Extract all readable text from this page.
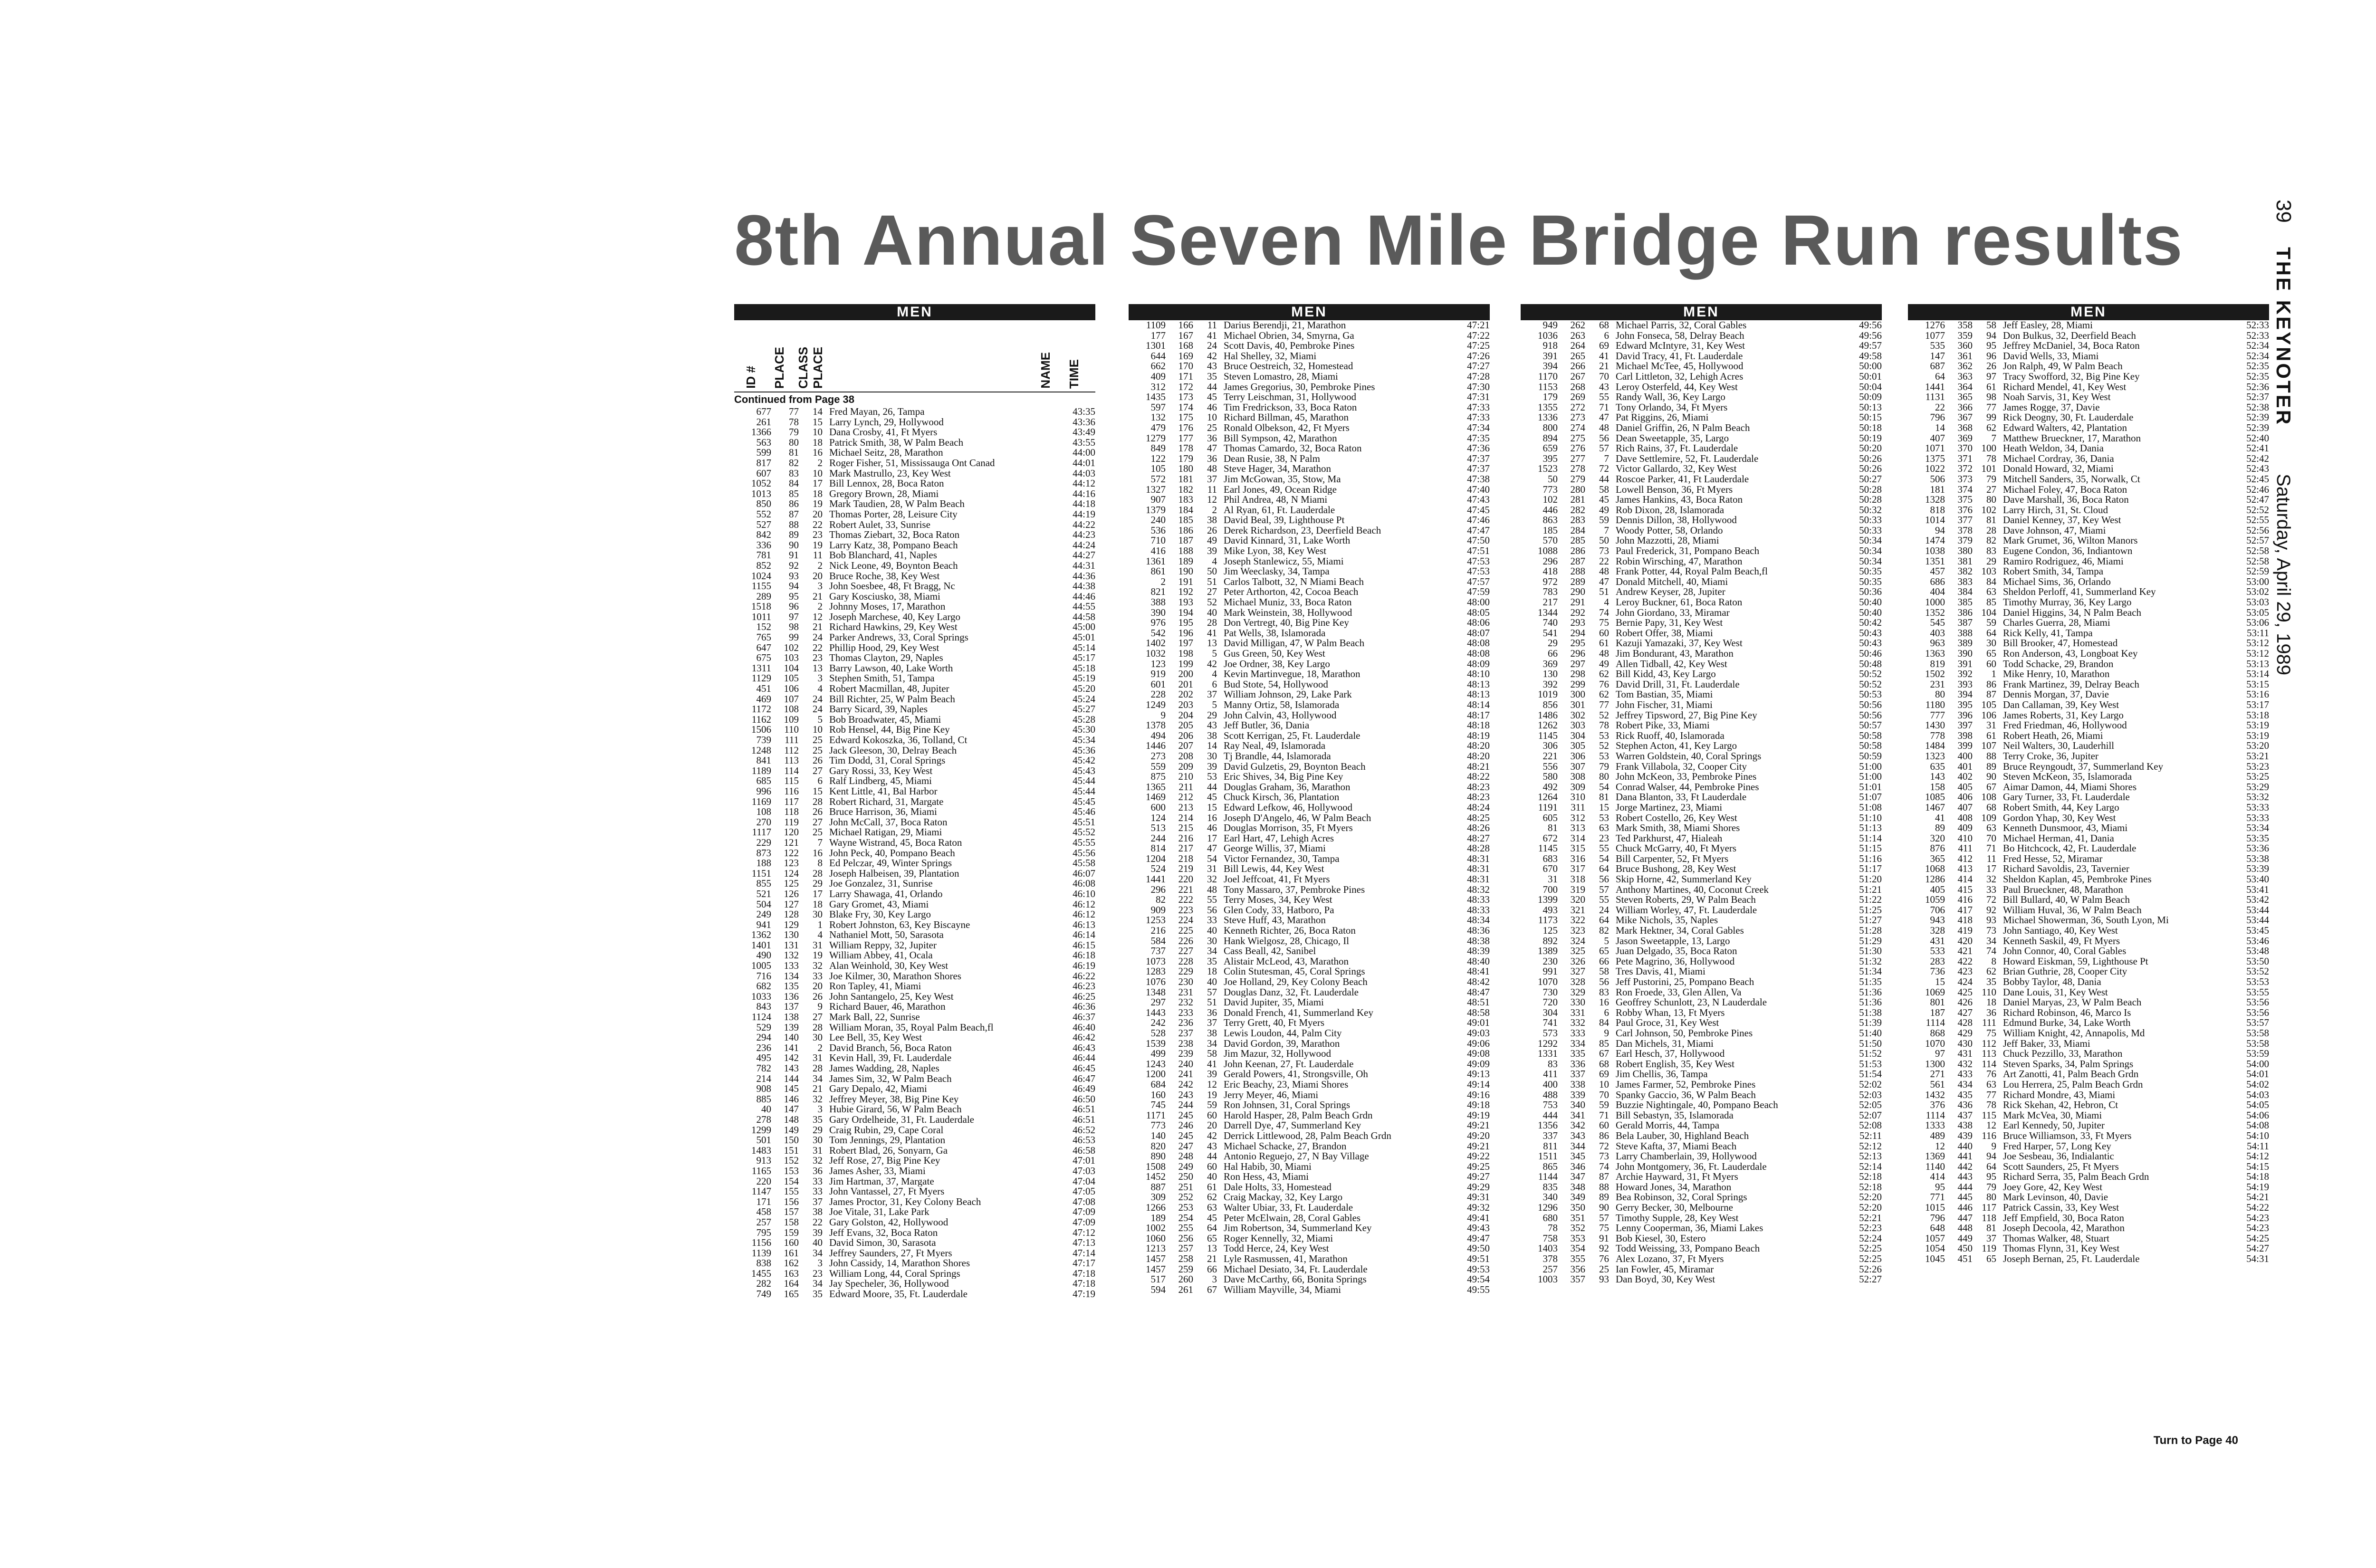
8th Annual Seven Mile Bridge Run results	39 THE KEYNOTER Saturday, April 29, 1989
MEN
ID # PLACE CLASS PLACE	NAME TIME
Continued from Page 38
677	77	14 Fred Mayan, 26, Tampa	43:35
261	78	15 Larry Lynch, 29, Hollywood	43:36
1366	79	10 Dana Crosby, 41, Ft Myers	43:49
563	80	18 Patrick Smith, 38, W Palm Beach	43:55
599	81	16 Michael Seitz, 28, Marathon	44:00
817	82	2 Roger Fisher, 51, Mississauga Ont Canad	44:01
607	83	10 Mark Mastrullo, 23, Key West	44:03
1052	84	17 Bill Lennox, 28, Boca Raton	44:12
1013	85	18 Gregory Brown, 28, Miami	44:16
850	86	19 Mark Taudien, 28, W Palm Beach	44:18
552	87	20 Thomas Porter, 28, Leisure City	44:19
527	88	22 Robert Aulet, 33, Sunrise	44:22
842	89	23 Thomas Ziebart, 32, Boca Raton	44:23
336	90	19 Larry Katz, 38, Pompano Beach	44:24
781	91	11 Bob Blanchard, 41, Naples	44:27
852	92	2 Nick Leone, 49, Boynton Beach	44:31
1024	93	20 Bruce Roche, 38, Key West	44:36
1155	94	3 John Soesbee, 48, Ft Bragg, Nc	44:38
289	95	21 Gary Kosciusko, 38, Miami	44:46
1518	96	2 Johnny Moses, 17, Marathon	44:55
1011	97	12 Joseph Marchese, 40, Key Largo	44:58
152	98	21 Richard Hawkins, 29, Key West	45:00
765	99	24 Parker Andrews, 33, Coral Springs	45:01
647	102	22 Phillip Hood, 29, Key West	45:14
675	103	23 Thomas Clayton, 29, Naples	45:17
1311	104	13 Barry Lawson, 40, Lake Worth	45:18
1129	105	3 Stephen Smith, 51, Tampa	45:19
451	106	4 Robert Macmillan, 48, Jupiter	45:20
469	107	24 Bill Richter, 25, W Palm Beach	45:24
1172	108	24 Barry Sicard, 39, Naples	45:27
1162	109	5 Bob Broadwater, 45, Miami	45:28
1506	110	10 Rob Hensel, 44, Big Pine Key	45:30
739	111	25 Edward Kokoszka, 36, Tolland, Ct	45:34
1248	112	25 Jack Gleeson, 30, Delray Beach	45:36
841	113	26 Tim Dodd, 31, Coral Springs	45:42
1189	114	27 Gary Rossi, 33, Key West	45:43
685	115	6 Ralf Lindberg, 45, Miami	45:44
996	116	15 Kent Little, 41, Bal Harbor	45:44
1169	117	28 Robert Richard, 31, Margate	45:45
108	118	26 Bruce Harrison, 36, Miami	45:46
270	119	27 John McCall, 37, Boca Raton	45:51
1117	120	25 Michael Ratigan, 29, Miami	45:52
229	121	7 Wayne Wistrand, 45, Boca Raton	45:55
873	122	16 John Peck, 40, Pompano Beach	45:56
188	123	8 Ed Pelczar, 49, Winter Springs	45:58
1151	124	28 Joseph Halbeisen, 39, Plantation	46:07
855	125	29 Joe Gonzalez, 31, Sunrise	46:08
521	126	17 Larry Shawaga, 41, Orlando	46:10
504	127	18 Gary Gromet, 43, Miami	46:12
249	128	30 Blake Fry, 30, Key Largo	46:12
941	129	1 Robert Johnston, 63, Key Biscayne	46:13
1362	130	4 Nathaniel Mott, 50, Sarasota	46:14
1401	131	31 William Reppy, 32, Jupiter	46:15
490	132	19 William Abbey, 41, Ocala	46:18
1005	133	32 Alan Weinhold, 30, Key West	46:19
716	134	33 Joe Kilmer, 30, Marathon Shores	46:22
682	135	20 Ron Tapley, 41, Miami	46:23
1033	136	26 John Santangelo, 25, Key West	46:25
843	137	9 Richard Bauer, 46, Marathon	46:36
1124	138	27 Mark Ball, 22, Sunrise	46:37
529	139	28 William Moran, 35, Royal Palm Beach,fl	46:40
294	140	30 Lee Bell, 35, Key West	46:42
236	141	2 David Branch, 56, Boca Raton	46:43
495	142	31 Kevin Hall, 39, Ft. Lauderdale	46:44
782	143	28 James Wadding, 28, Naples	46:45
214	144	34 James Sim, 32, W Palm Beach	46:47
908	145	21 Gary Depalo, 42, Miami	46:49
885	146	32 Jeffrey Meyer, 38, Big Pine Key	46:50
40	147	3 Hubie Girard, 56, W Palm Beach	46:51
278	148	35 Gary Ordelheide, 31, Ft. Lauderdale	46:51
1299	149	29 Craig Rubin, 29, Cape Coral	46:52
501	150	30 Tom Jennings, 29, Plantation	46:53
1483	151	31 Robert Blad, 26, Sonyarn, Ga	46:58
913	152	32 Jeff Rose, 27, Big Pine Key	47:01
1165	153	36 James Asher, 33, Miami	47:03
220	154	33 Jim Hartman, 37, Margate	47:04
1147	155	33 John Vantassel, 27, Ft Myers	47:05
171	156	37 James Proctor, 31, Key Colony Beach	47:08
458	157	38 Joe Vitale, 31, Lake Park	47:09
257	158	22 Gary Golston, 42, Hollywood	47:09
795	159	39 Jeff Evans, 32, Boca Raton	47:12
1156	160	40 David Simon, 30, Sarasota	47:13
1139	161	34 Jeffrey Saunders, 27, Ft Myers	47:14
838	162	3 John Cassidy, 14, Marathon Shores	47:17
1455	163	23 William Long, 44, Coral Springs	47:18
282	164	34 Jay Specheler, 36, Hollywood	47:18
749	165	35 Edward Moore, 35, Ft. Lauderdale	47:19
MEN
1109	166	11 Darius Berendji, 21, Marathon	47:21
177	167	41 Michael Obrien, 34, Smyrna, Ga	47:22
1301	168	24 Scott Davis, 40, Pembroke Pines	47:25
644	169	42 Hal Shelley, 32, Miami	47:26
662	170	43 Bruce Oestreich, 32, Homestead	47:27
409	171	35 Steven Lomastro, 28, Miami	47:28
312	172	44 James Gregorius, 30, Pembroke Pines	47:30
1435	173	45 Terry Leischman, 31, Hollywood	47:31
597	174	46 Tim Fredrickson, 33, Boca Raton	47:33
132	175	10 Richard Billman, 45, Marathon	47:33
479	176	25 Ronald Olbekson, 42, Ft Myers	47:34
1279	177	36 Bill Sympson, 42, Marathon	47:35
849	178	47 Thomas Camardo, 32, Boca Raton	47:36
122	179	36 Dean Rusie, 38, N Palm	47:37
105	180	48 Steve Hager, 34, Marathon	47:37
572	181	37 Jim McGowan, 35, Stow, Ma	47:38
1327	182	11 Earl Jones, 49, Ocean Ridge	47:40
907	183	12 Phil Andrea, 48, N Miami	47:43
1379	184	2 Al Ryan, 61, Ft. Lauderdale	47:45
240	185	38 David Beal, 39, Lighthouse Pt	47:46
536	186	26 Derek Richardson, 23, Deerfield Beach	47:47
710	187	49 David Kinnard, 31, Lake Worth	47:50
416	188	39 Mike Lyon, 38, Key West	47:51
1361	189	4 Joseph Stanlewicz, 55, Miami	47:53
861	190	50 Jim Weeclasky, 34, Tampa	47:53
2	191	51 Carlos Talbott, 32, N Miami Beach	47:57
821	192	27 Peter Arthorton, 42, Cocoa Beach	47:59
388	193	52 Michael Muniz, 33, Boca Raton	48:00
390	194	40 Mark Weinstein, 38, Hollywood	48:05
976	195	28 Don Vertregt, 40, Big Pine Key	48:06
542	196	41 Pat Wells, 38, Islamorada	48:07
1402	197	13 David Milligan, 47, W Palm Beach	48:08
1032	198	5 Gus Green, 50, Key West	48:08
123	199	42 Joe Ordner, 38, Key Largo	48:09
919	200	4 Kevin Martinvegue, 18, Marathon	48:10
601	201	6 Bud Stote, 54, Hollywood	48:13
228	202	37 William Johnson, 29, Lake Park	48:13
1249	203	5 Manny Ortiz, 58, Islamorada	48:14
9	204	29 John Calvin, 43, Hollywood	48:17
1378	205	43 Jeff Butler, 36, Dania	48:18
494	206	38 Scott Kerrigan, 25, Ft. Lauderdale	48:19
1446	207	14 Ray Neal, 49, Islamorada	48:20
273	208	30 Tj Brandle, 44, Islamorada	48:20
559	209	39 David Gulzetis, 29, Boynton Beach	48:21
875	210	53 Eric Shives, 34, Big Pine Key	48:22
1365	211	44 Douglas Graham, 36, Marathon	48:23
1469	212	45 Chuck Kirsch, 36, Plantation	48:23
600	213	15 Edward Lefkow, 46, Hollywood	48:24
124	214	16 Joseph D'Angelo, 46, W Palm Beach	48:25
513	215	46 Douglas Morrison, 35, Ft Myers	48:26
244	216	17 Earl Hart, 47, Lehigh Acres	48:27
814	217	47 George Willis, 37, Miami	48:28
1204	218	54 Victor Fernandez, 30, Tampa	48:31
524	219	31 Bill Lewis, 44, Key West	48:31
1441	220	32 Joel Jeffcoat, 41, Ft Myers	48:31
296	221	48 Tony Massaro, 37, Pembroke Pines	48:32
82	222	55 Terry Moses, 34, Key West	48:33
909	223	56 Glen Cody, 33, Hatboro, Pa	48:33
1253	224	33 Steve Huff, 43, Marathon	48:34
216	225	40 Kenneth Richter, 26, Boca Raton	48:36
584	226	30 Hank Wielgosz, 28, Chicago, Il	48:38
737	227	34 Cass Beall, 42, Sanibel	48:39
1073	228	35 Alistair McLeod, 43, Marathon	48:40
1283	229	18 Colin Stutesman, 45, Coral Springs	48:41
1076	230	40 Joe Holland, 29, Key Colony Beach	48:42
1348	231	57 Douglas Danz, 32, Ft. Lauderdale	48:47
297	232	51 David Jupiter, 35, Miami	48:51
1443	233	36 Donald French, 41, Summerland Key	48:58
242	236	37 Terry Grett, 40, Ft Myers	49:01
528	237	38 Lewis Loudon, 44, Palm City	49:03
1539	238	34 David Gordon, 39, Marathon	49:06
499	239	58 Jim Mazur, 32, Hollywood	49:08
1243	240	41 John Keenan, 27, Ft. Lauderdale	49:09
1200	241	39 Gerald Powers, 41, Strongsville, Oh	49:13
684	242	12 Eric Beachy, 23, Miami Shores	49:14
160	243	19 Jerry Meyer, 46, Miami	49:16
745	244	59 Ron Johnsen, 31, Coral Springs	49:18
1171	245	60 Harold Hasper, 28, Palm Beach Grdn	49:19
773	246	20 Darrell Dye, 47, Summerland Key	49:21
140	245	42 Derrick Littlewood, 28, Palm Beach Grdn	49:20
820	247	43 Michael Schacke, 27, Brandon	49:21
890	248	44 Antonio Reguejo, 27, N Bay Village	49:22
1508	249	60 Hal Habib, 30, Miami	49:25
1452	250	40 Ron Hess, 43, Miami	49:27
887	251	61 Dale Holts, 33, Homestead	49:29
309	252	62 Craig Mackay, 32, Key Largo	49:31
1266	253	63 Walter Ubiar, 33, Ft. Lauderdale	49:32
189	254	45 Peter McElwain, 28, Coral Gables	49:41
1002	255	64 Jim Robertson, 34, Summerland Key	49:43
1060	256	65 Roger Kennelly, 32, Miami	49:47
1213	257	13 Todd Herce, 24, Key West	49:50
1457	258	21 Lyle Rasmussen, 41, Marathon	49:51
1457	259	66 Michael Desiato, 34, Ft. Lauderdale	49:53
517	260	3 Dave McCarthy, 66, Bonita Springs	49:54
594	261	67 William Mayville, 34, Miami	49:55
MEN
949	262	68 Michael Parris, 32, Coral Gables	49:56
1036	263	6 John Fonseca, 58, Delray Beach	49:56
918	264	69 Edward McIntyre, 31, Key West	49:57
391	265	41 David Tracy, 41, Ft. Lauderdale	49:58
394	266	21 Michael McTee, 45, Hollywood	50:00
1170	267	70 Carl Littleton, 32, Lehigh Acres	50:01
1153	268	43 Leroy Osterfeld, 44, Key West	50:04
179	269	55 Randy Wall, 36, Key Largo	50:09
1355	272	71 Tony Orlando, 34, Ft Myers	50:13
1336	273	47 Pat Riggins, 26, Miami	50:15
800	274	48 Daniel Griffin, 26, N Palm Beach	50:18
894	275	56 Dean Sweetapple, 35, Largo	50:19
659	276	57 Rich Rains, 37, Ft. Lauderdale	50:20
395	277	7 Dave Settlemire, 52, Ft. Lauderdale	50:26
1523	278	72 Victor Gallardo, 32, Key West	50:26
50	279	44 Roscoe Parker, 41, Ft Lauderdale	50:27
773	280	58 Lowell Benson, 36, Ft Myers	50:28
102	281	45 James Hankins, 43, Boca Raton	50:28
446	282	49 Rob Dixon, 28, Islamorada	50:32
863	283	59 Dennis Dillon, 38, Hollywood	50:33
185	284	7 Woody Potter, 58, Orlando	50:33
570	285	50 John Mazzotti, 28, Miami	50:34
1088	286	73 Paul Frederick, 31, Pompano Beach	50:34
296	287	22 Robin Wirsching, 47, Marathon	50:34
418	288	48 Frank Potter, 44, Royal Palm Beach,fl	50:35
972	289	47 Donald Mitchell, 40, Miami	50:35
783	290	51 Andrew Keyser, 28, Jupiter	50:36
217	291	4 Leroy Buckner, 61, Boca Raton	50:40
1344	292	74 John Giordano, 33, Miramar	50:40
740	293	75 Bernie Papy, 31, Key West	50:42
541	294	60 Robert Offer, 38, Miami	50:43
29	295	61 Kazuji Yamazaki, 37, Key West	50:43
66	296	48 Jim Bondurant, 43, Marathon	50:46
369	297	49 Allen Tidball, 42, Key West	50:48
130	298	62 Bill Kidd, 43, Key Largo	50:52
392	299	76 David Drill, 31, Ft. Lauderdale	50:52
1019	300	62 Tom Bastian, 35, Miami	50:53
856	301	77 John Fischer, 31, Miami	50:56
1486	302	52 Jeffrey Tipsword, 27, Big Pine Key	50:56
1262	303	78 Robert Pike, 33, Miami	50:57
1145	304	53 Rick Ruoff, 40, Islamorada	50:58
306	305	52 Stephen Acton, 41, Key Largo	50:58
221	306	53 Warren Goldstein, 40, Coral Springs	50:59
556	307	79 Frank Villabola, 32, Cooper City	51:00
580	308	80 John McKeon, 33, Pembroke Pines	51:00
492	309	54 Conrad Walser, 44, Pembroke Pines	51:01
1264	310	81 Dana Blanton, 33, Ft Lauderdale	51:07
1191	311	15 Jorge Martinez, 23, Miami	51:08
605	312	53 Robert Costello, 26, Key West	51:10
81	313	63 Mark Smith, 38, Miami Shores	51:13
672	314	23 Ted Parkhurst, 47, Hialeah	51:14
1145	315	55 Chuck McGarry, 40, Ft Myers	51:15
683	316	54 Bill Carpenter, 52, Ft Myers	51:16
670	317	64 Bruce Bushong, 28, Key West	51:17
31	318	56 Skip Horne, 42, Summerland Key	51:20
700	319	57 Anthony Martines, 40, Coconut Creek	51:21
1399	320	55 Steven Roberts, 29, W Palm Beach	51:22
493	321	24 William Worley, 47, Ft. Lauderdale	51:25
1173	322	64 Mike Nichols, 35, Naples	51:27
125	323	82 Mark Hektner, 34, Coral Gables	51:28
892	324	5 Jason Sweetapple, 13, Largo	51:29
1389	325	65 Juan Delgado, 35, Boca Raton	51:30
230	326	66 Pete Magrino, 36, Hollywood	51:32
991	327	58 Tres Davis, 41, Miami	51:34
1070	328	56 Jeff Pustorini, 25, Pompano Beach	51:35
730	329	83 Ron Froede, 33, Glen Allen, Va	51:36
720	330	16 Geoffrey Schunlott, 23, N Lauderdale	51:36
304	331	6 Robby Whan, 13, Ft Myers	51:38
741	332	84 Paul Groce, 31, Key West	51:39
573	333	9 Carl Johnson, 50, Pembroke Pines	51:40
1292	334	85 Dan Michels, 31, Miami	51:50
1331	335	67 Earl Hesch, 37, Hollywood	51:52
83	336	68 Robert English, 35, Key West	51:53
411	337	69 Jim Chellis, 36, Tampa	51:54
400	338	10 James Farmer, 52, Pembroke Pines	52:02
488	339	70 Spanky Gaccio, 36, W Palm Beach	52:03
753	340	59 Buzzie Nightingale, 40, Pompano Beach	52:05
444	341	71 Bill Sebastyn, 35, Islamorada	52:07
1356	342	60 Gerald Morris, 44, Tampa	52:08
337	343	86 Bela Lauber, 30, Highland Beach	52:11
811	344	72 Steve Kafta, 37, Miami Beach	52:12
1511	345	73 Larry Chamberlain, 39, Hollywood	52:13
865	346	74 John Montgomery, 36, Ft. Lauderdale	52:14
1144	347	87 Archie Hayward, 31, Ft Myers	52:18
835	348	88 Howard Jones, 34, Marathon	52:18
340	349	89 Bea Robinson, 32, Coral Springs	52:20
1296	350	90 Gerry Becker, 30, Melbourne	52:20
680	351	57 Timothy Supple, 28, Key West	52:21
78	352	75 Lenny Cooperman, 36, Miami Lakes	52:23
758	353	91 Bob Kiesel, 30, Estero	52:24
1403	354	92 Todd Weissing, 33, Pompano Beach	52:25
378	355	76 Alex Lozano, 37, Ft Myers	52:25
257	356	25 Ian Fowler, 45, Miramar	52:26
1003	357	93 Dan Boyd, 30, Key West	52:27
MEN
1276	358	58 Jeff Easley, 28, Miami	52:33
1077	359	94 Don Bulkus, 32, Deerfield Beach	52:33
535	360	95 Jeffrey McDaniel, 34, Boca Raton	52:34
147	361	96 David Wells, 33, Miami	52:34
687	362	26 Jon Ralph, 49, W Palm Beach	52:35
64	363	97 Tracy Swofford, 32, Big Pine Key	52:35
1441	364	61 Richard Mendel, 41, Key West	52:36
1131	365	98 Noah Sarvis, 31, Key West	52:37
22	366	77 James Rogge, 37, Davie	52:38
796	367	99 Rick Deogny, 30, Ft. Lauderdale	52:39
14	368	62 Edward Walters, 42, Plantation	52:39
407	369	7 Matthew Brueckner, 17, Marathon	52:40
1071	370 100 Heath Weldon, 34, Dania	52:41
1375	371	78 Michael Cordray, 36, Dania	52:42
1022	372 101 Donald Howard, 32, Miami	52:43
506	373	79 Mitchell Sanders, 35, Norwalk, Ct	52:45
181	374	27 Michael Foley, 47, Boca Raton	52:46
1328	375	80 Dave Marshall, 36, Boca Raton	52:47
818	376 102 Larry Hirch, 31, St. Cloud	52:52
1014	377	81 Daniel Kenney, 37, Key West	52:55
94	378	28 Dave Johnson, 47, Miami	52:56
1474	379	82 Mark Grumet, 36, Wilton Manors	52:57
1038	380	83 Eugene Condon, 36, Indiantown	52:58
1351	381	29 Ramiro Rodriguez, 46, Miami	52:58
457	382 103 Robert Smith, 34, Tampa	52:59
686	383	84 Michael Sims, 36, Orlando	53:00
404	384	63 Sheldon Perloff, 41, Summerland Key	53:02
1000	385	85 Timothy Murray, 36, Key Largo	53:03
1352	386 104 Daniel Higgins, 34, N Palm Beach	53:05
545	387	59 Charles Guerra, 28, Miami	53:06
403	388	64 Rick Kelly, 41, Tampa	53:11
963	389	30 Bill Brooker, 47, Homestead	53:12
1363	390	65 Ron Anderson, 43, Longboat Key	53:12
819	391	60 Todd Schacke, 29, Brandon	53:13
1502	392	1 Mike Henry, 10, Marathon	53:14
231	393	86 Frank Martinez, 39, Delray Beach	53:15
80	394	87 Dennis Morgan, 37, Davie	53:16
1180	395 105 Dan Callaman, 39, Key West	53:17
777	396 106 James Roberts, 31, Key Largo	53:18
1430	397	31 Fred Friedman, 46, Hollywood	53:19
778	398	61 Robert Heath, 26, Miami	53:19
1484	399 107 Neil Walters, 30, Lauderhill	53:20
1323	400	88 Terry Croke, 36, Jupiter	53:21
635	401	89 Bruce Reyngoudt, 37, Summerland Key	53:23
143	402	90 Steven McKeon, 35, Islamorada	53:25
158	405	67 Aimar Damon, 44, Miami Shores	53:29
1085	406 108 Gary Turner, 33, Ft. Lauderdale	53:32
1467	407	68 Robert Smith, 44, Key Largo	53:33
41	408 109 Gordon Yhap, 30, Key West	53:33
89	409	63 Kenneth Dunsmoor, 43, Miami	53:34
320	410	70 Michael Herman, 41, Dania	53:35
876	411	71 Bo Hitchcock, 42, Ft. Lauderdale	53:36
365	412	11 Fred Hesse, 52, Miramar	53:38
1068	413	17 Richard Savoldis, 23, Tavernier	53:39
1286	414	32 Sheldon Kaplan, 45, Pembroke Pines	53:40
405	415	33 Paul Brueckner, 48, Marathon	53:41
1059	416	72 Bill Bullard, 40, W Palm Beach	53:42
706	417	92 William Huval, 36, W Palm Beach	53:44
943	418	93 Michael Showerman, 36, South Lyon, Mi	53:44
328	419	73 John Santiago, 40, Key West	53:45
431	420	34 Kenneth Saskil, 49, Ft Myers	53:46
533	421	74 John Connor, 40, Coral Gables	53:48
283	422	8 Howard Eiskman, 59, Lighthouse Pt	53:50
736	423	62 Brian Guthrie, 28, Cooper City	53:52
15	424	35 Bobby Taylor, 48, Dania	53:53
1069	425 110 Dane Louis, 31, Key West	53:55
801	426	18 Daniel Maryas, 23, W Palm Beach	53:56
187	427	36 Richard Robinson, 46, Marco Is	53:56
1114	428 111 Edmund Burke, 34, Lake Worth	53:57
868	429	75 William Knight, 42, Annapolis, Md	53:58
1070	430 112 Jeff Baker, 33, Miami	53:58
97	431 113 Chuck Pezzillo, 33, Marathon	53:59
1300	432 114 Steven Sparks, 34, Palm Springs	54:00
271	433	76 Art Zanotti, 41, Palm Beach Grdn	54:01
561	434	63 Lou Herrera, 25, Palm Beach Grdn	54:02
1432	435	77 Richard Mondre, 43, Miami	54:03
376	436	78 Rick Skehan, 42, Hebron, Ct	54:05
1114	437 115 Mark McVea, 30, Miami	54:06
1333	438	12 Earl Kennedy, 50, Jupiter	54:08
489	439 116 Bruce Williamson, 33, Ft Myers	54:10
12	440	9 Fred Harper, 57, Long Key	54:11
1369	441	94 Joe Sesbeau, 36, Indialantic	54:12
1140	442	64 Scott Saunders, 25, Ft Myers	54:15
414	443	95 Richard Serra, 35, Palm Beach Grdn	54:18
95	444	79 Joey Gore, 42, Key West	54:19
771	445	80 Mark Levinson, 40, Davie	54:21
1015	446 117 Patrick Cassin, 33, Key West	54:22
796	447 118 Jeff Empfield, 30, Boca Raton	54:23
648	448	81 Joseph Decoola, 42, Marathon	54:23
1057	449	37 Thomas Walker, 48, Stuart	54:25
1054	450 119 Thomas Flynn, 31, Key West	54:27
1045	451	65 Joseph Bernan, 25, Ft. Lauderdale	54:31
Turn to Page 40
